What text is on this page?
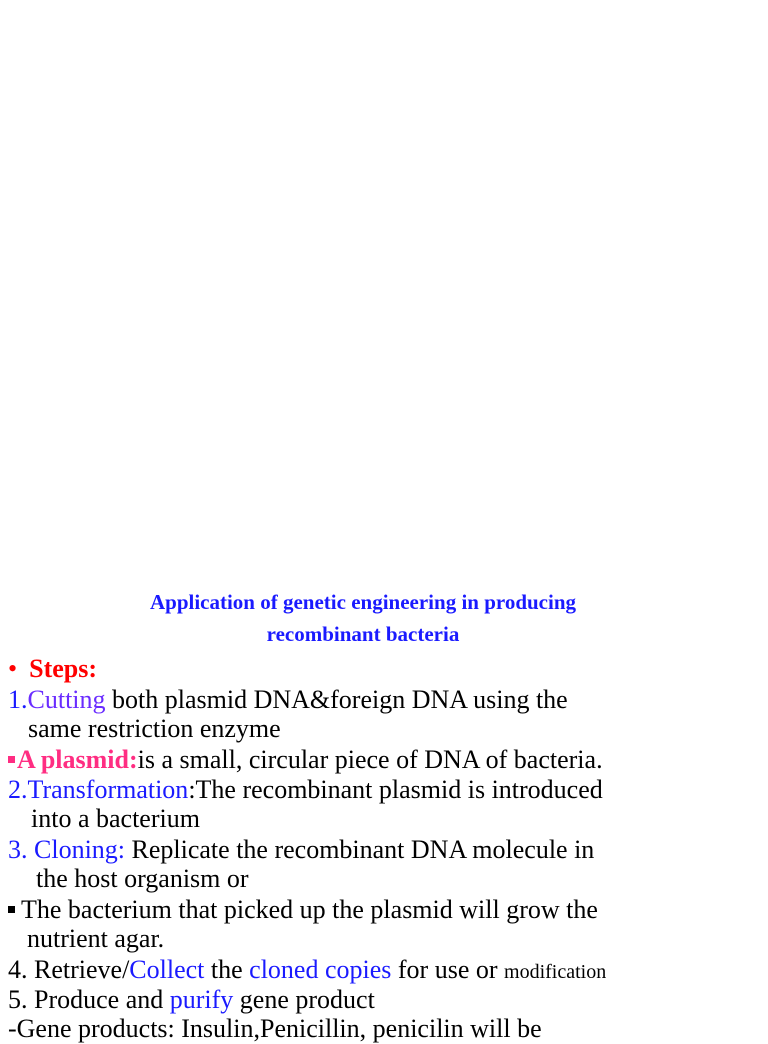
Application of genetic engineering in producing
recombinant bacteria
• Steps:
1.Cutting both plasmid DNA&foreign DNA using the
same restriction enzyme
A plasmid:is a small, circular piece of DNA of bacteria.
2.Transformation:The recombinant plasmid is introduced
into a bacterium
3. Cloning: Replicate the recombinant DNA molecule in
the host organism or
The bacterium that picked up the plasmid will grow the
nutrient agar.
4. Retrieve/Collect the cloned copies for use or modification
5. Produce and purify gene product
-Gene products: Insulin,Penicillin, penicilin will be
